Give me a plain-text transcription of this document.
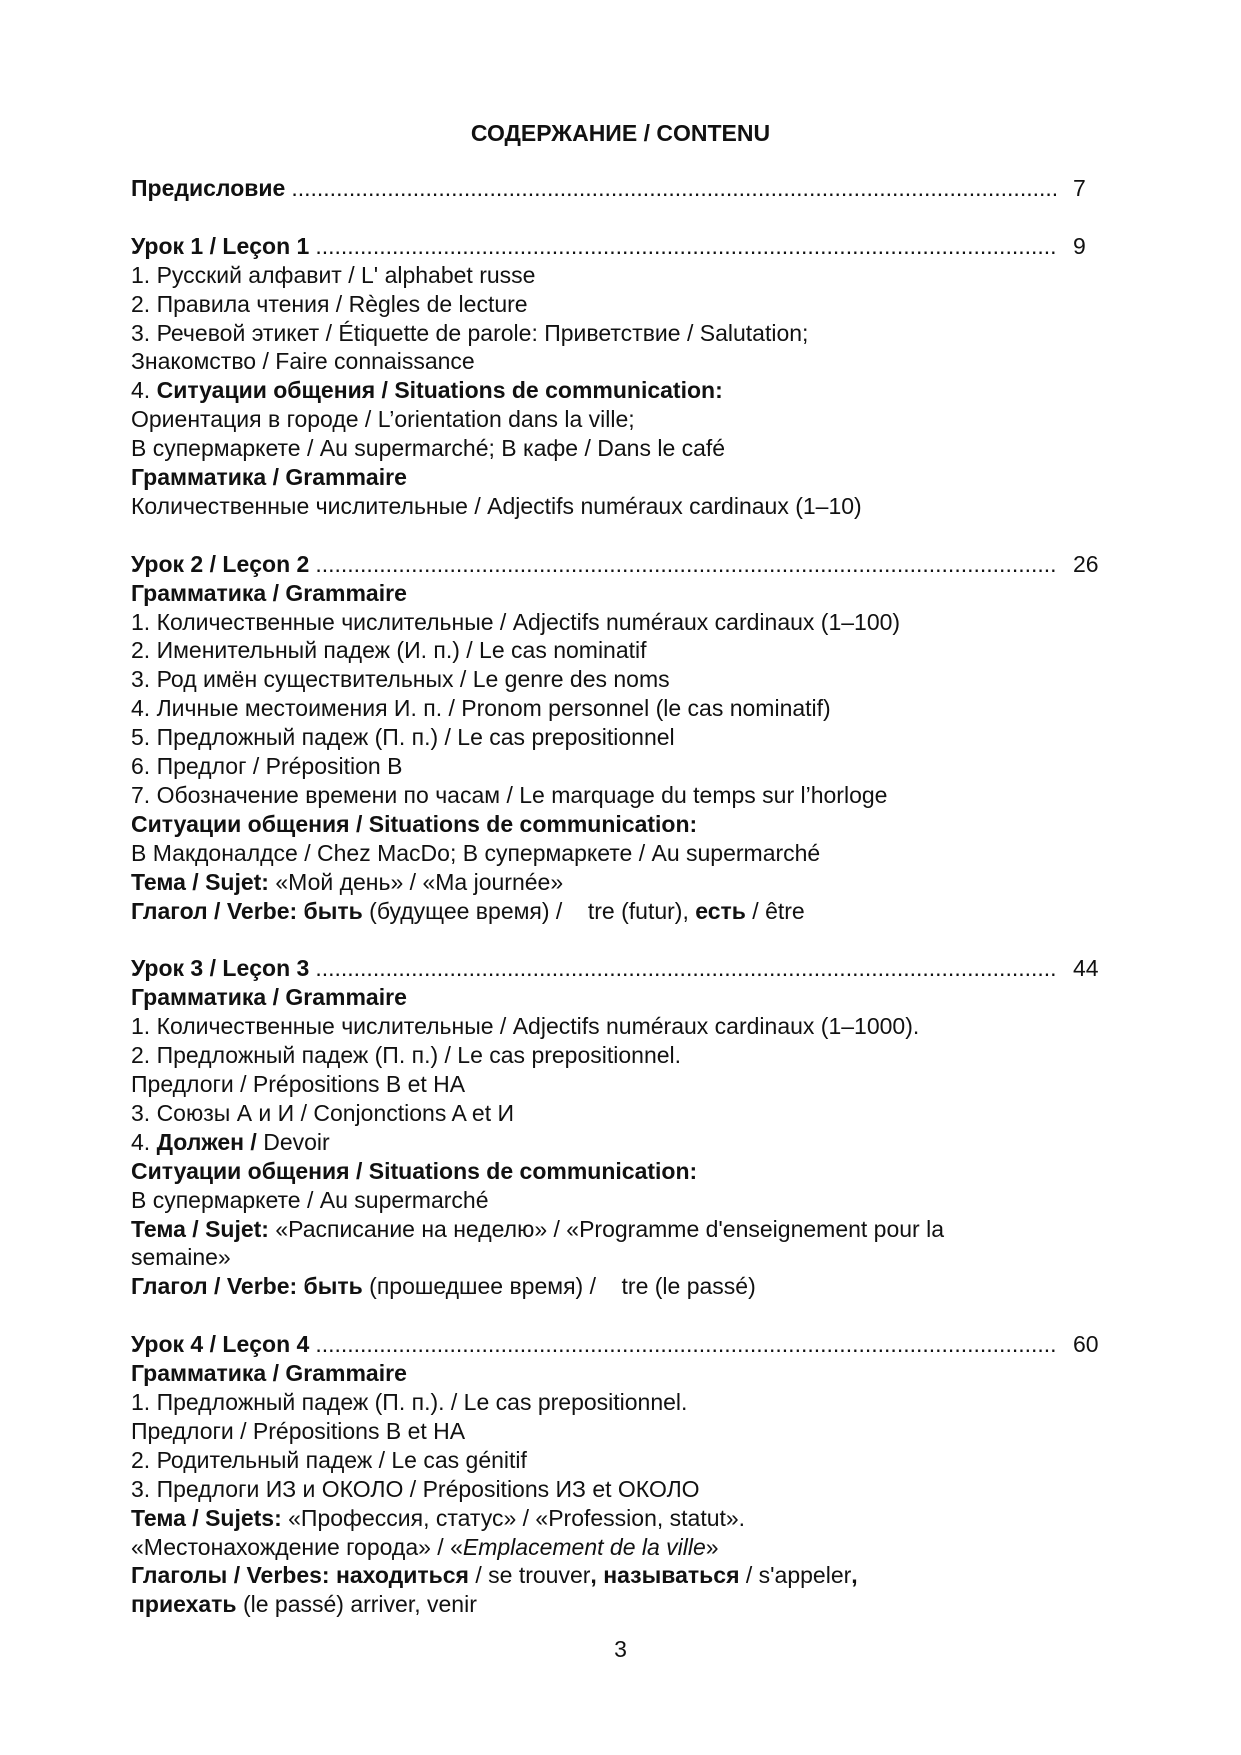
СОДЕРЖАНИЕ / CONTENU
Предисловие .....	7
Урок 1 / Leçon 1 .....	9
1. Русский алфавит / L' alphabet russe
2. Правила чтения / Règles de lecture
3. Речевой этикет / Étiquette de parole: Приветствие / Salutation;
Знакомство / Faire connaissance
4. Ситуации общения / Situations de communication:
Ориентация в городе / L’orientation dans la ville;
В супермаркете / Au supermarché; В кафе / Dans le café
Грамматика / Grammaire
Количественные числительные / Adjectifs numéraux cardinaux (1–10)
Урок 2 / Leçon 2 .....	26
Грамматика / Grammaire
1. Количественные числительные / Adjectifs numéraux cardinaux (1–100)
2. Именительный падеж (И. п.) / Le cas nominatif
3. Род имён существительных / Le genre des noms
4. Личные местоимения И. п. / Pronom personnel (le cas nominatif)
5. Предложный падеж (П. п.) / Le cas prepositionnel
6. Предлог / Préposition В
7. Обозначение времени по часам / Le marquage du temps sur l’horloge
Ситуации общения / Situations de communication:
В Макдоналдсе / Chez MacDo; В супермаркете / Au supermarché
Тема / Sujet: «Мой день» / «Ma journée»
Глагол / Verbe: быть (будущее время) /    tre (futur), есть / être
Урок 3 / Leçon 3 .....	44
Грамматика / Grammaire
1. Количественные числительные / Adjectifs numéraux cardinaux (1–1000).
2. Предложный падеж (П. п.) / Le cas prepositionnel.
Предлоги / Prépositions В et НА
3. Союзы А и И / Conjonctions A et И
4. Должен / Devoir
Ситуации общения / Situations de communication:
В супермаркете / Au supermarché
Тема / Sujet: «Расписание на неделю» / «Programme d'enseignement pour la
semaine»
Глагол / Verbe: быть (прошедшее время) /    tre (le passé)
Урок 4 / Leçon 4 .....	60
Грамматика / Grammaire
1. Предложный падеж (П. п.). / Le cas prepositionnel.
Предлоги / Prépositions В et НА
2. Родительный падеж / Le cas génitif
3. Предлоги ИЗ и ОКОЛО / Prépositions ИЗ et ОКОЛО
Тема / Sujets: «Профессия, статус» / «Profession, statut».
«Местонахождение города» / «Emplacement de la ville»
Глаголы / Verbes: находиться / se trouver, называться / s'appeler,
приехать (le passé) arriver, venir
3
